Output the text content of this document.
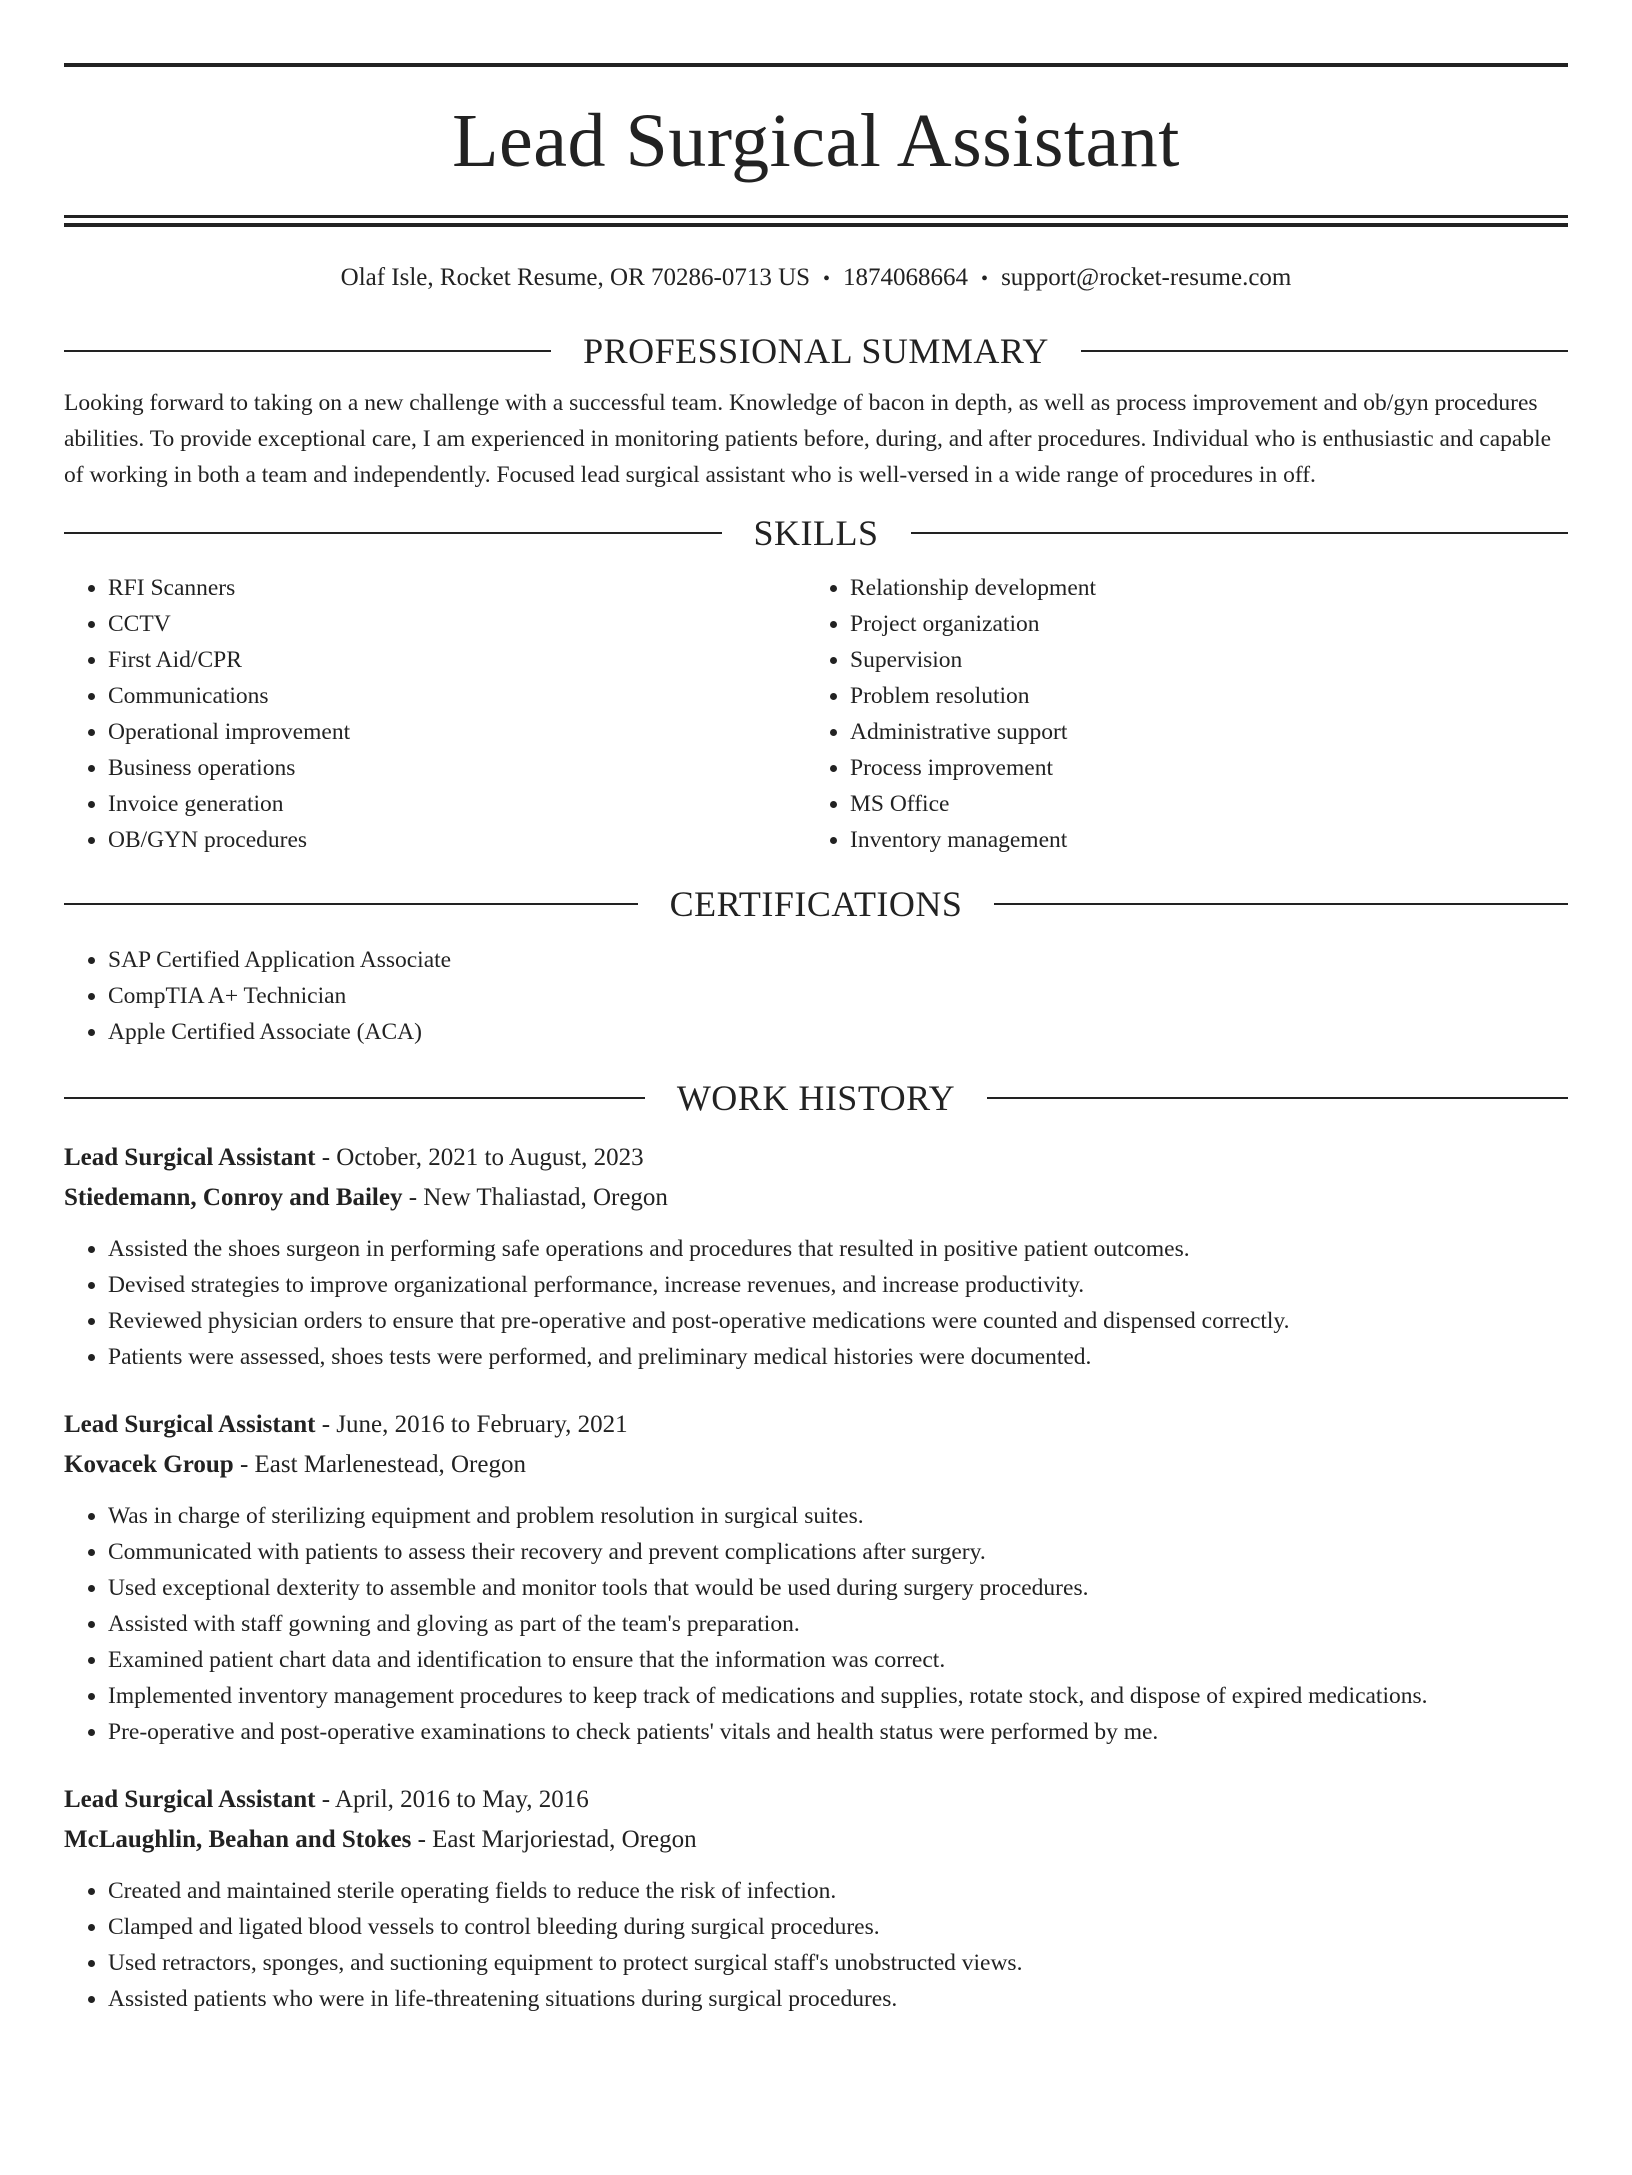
Lead Surgical Assistant
Olaf Isle, Rocket Resume, OR 70286-0713 US • 1874068664 • support@rocket-resume.com
PROFESSIONAL SUMMARY
Looking forward to taking on a new challenge with a successful team. Knowledge of bacon in depth, as well as process improvement and ob/gyn procedures abilities. To provide exceptional care, I am experienced in monitoring patients before, during, and after procedures. Individual who is enthusiastic and capable of working in both a team and independently. Focused lead surgical assistant who is well-versed in a wide range of procedures in off.
SKILLS
• RFI Scanners
• CCTV
• First Aid/CPR
• Communications
• Operational improvement
• Business operations
• Invoice generation
• OB/GYN procedures
• Relationship development
• Project organization
• Supervision
• Problem resolution
• Administrative support
• Process improvement
• MS Office
• Inventory management
CERTIFICATIONS
• SAP Certified Application Associate
• CompTIA A+ Technician
• Apple Certified Associate (ACA)
WORK HISTORY
Lead Surgical Assistant - October, 2021 to August, 2023
Stiedemann, Conroy and Bailey - New Thaliastad, Oregon
• Assisted the shoes surgeon in performing safe operations and procedures that resulted in positive patient outcomes.
• Devised strategies to improve organizational performance, increase revenues, and increase productivity.
• Reviewed physician orders to ensure that pre-operative and post-operative medications were counted and dispensed correctly.
• Patients were assessed, shoes tests were performed, and preliminary medical histories were documented.
Lead Surgical Assistant - June, 2016 to February, 2021
Kovacek Group - East Marlenestead, Oregon
• Was in charge of sterilizing equipment and problem resolution in surgical suites.
• Communicated with patients to assess their recovery and prevent complications after surgery.
• Used exceptional dexterity to assemble and monitor tools that would be used during surgery procedures.
• Assisted with staff gowning and gloving as part of the team's preparation.
• Examined patient chart data and identification to ensure that the information was correct.
• Implemented inventory management procedures to keep track of medications and supplies, rotate stock, and dispose of expired medications.
• Pre-operative and post-operative examinations to check patients' vitals and health status were performed by me.
Lead Surgical Assistant - April, 2016 to May, 2016
McLaughlin, Beahan and Stokes - East Marjoriestad, Oregon
• Created and maintained sterile operating fields to reduce the risk of infection.
• Clamped and ligated blood vessels to control bleeding during surgical procedures.
• Used retractors, sponges, and suctioning equipment to protect surgical staff's unobstructed views.
• Assisted patients who were in life-threatening situations during surgical procedures.
